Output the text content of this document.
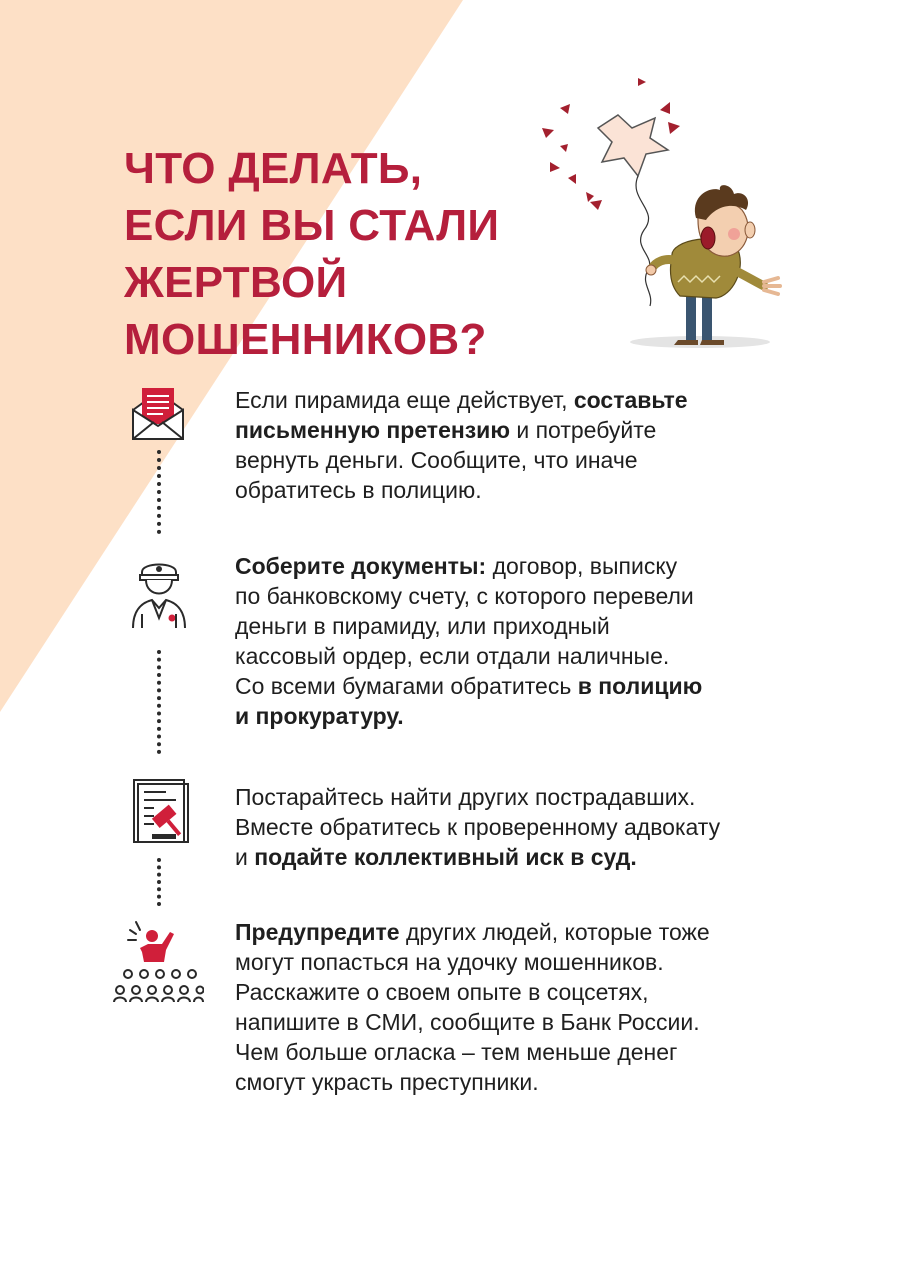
ЧТО ДЕЛАТЬ,
ЕСЛИ ВЫ СТАЛИ
ЖЕРТВОЙ
МОШЕННИКОВ?

Если пирамида еще действует, составьте
письменную претензию и потребуйте
вернуть деньги. Сообщите, что иначе
обратитесь в полицию.

Соберите документы: договор, выписку
по банковскому счету, с которого перевели
деньги в пирамиду, или приходный
кассовый ордер, если отдали наличные.
Со всеми бумагами обратитесь в полицию
и прокуратуру.

Постарайтесь найти других пострадавших.
Вместе обратитесь к проверенному адвокату
и подайте коллективный иск в суд.

Предупредите других людей, которые тоже
могут попасться на удочку мошенников.
Расскажите о своем опыте в соцсетях,
напишите в СМИ, сообщите в Банк России.
Чем больше огласка – тем меньше денег
смогут украсть преступники.
